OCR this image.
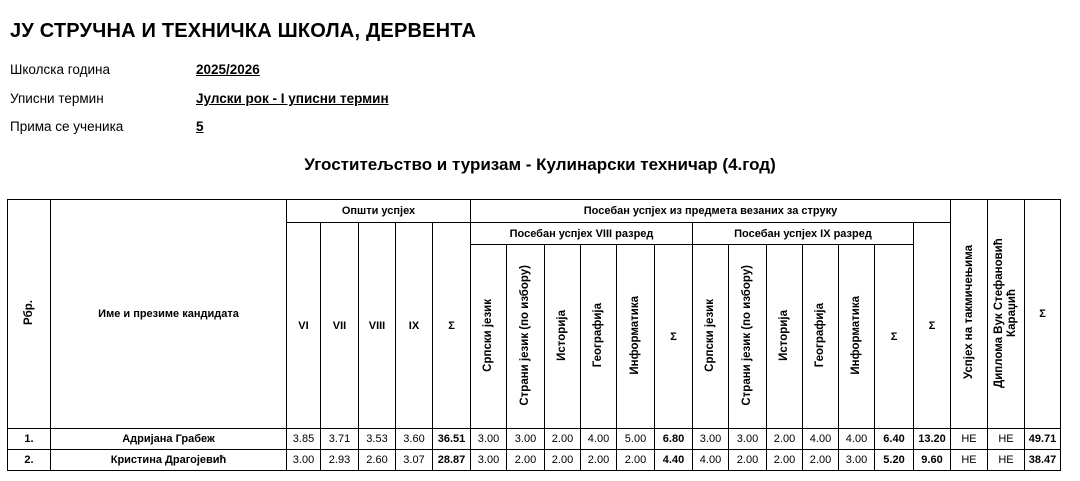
ЈУ СТРУЧНА И ТЕХНИЧКА ШКОЛА, ДЕРВЕНТА
Школска година	2025/2026
Уписни термин	Јулски рок - I уписни термин
Прима се ученика	5
Угоститељство и туризам - Кулинарски техничар (4.год)
Рбр.	Име и презиме кандидата	Општи успјех					Посебан успјех из предмета везаних за струку													Успјех на такмичењима	Диплома Вук Стефановић Караџић	Σ
		VI	VII	VIII	IX	Σ	Посебан успјех VIII разред						Посебан успјех IX разред						Σ			
							Српски језик	Страни језик (по избору)	Историја	Географија	Информатика	Σ	Српски језик	Страни језик (по избору)	Историја	Географија	Информатика	Σ				
1.	Адријана Грабеж	3.85	3.71	3.53	3.60	36.51	3.00	3.00	2.00	4.00	5.00	6.80	3.00	3.00	2.00	4.00	4.00	6.40	13.20	НЕ	НЕ	49.71
2.	Кристина Драгојевић	3.00	2.93	2.60	3.07	28.87	3.00	2.00	2.00	2.00	2.00	4.40	4.00	2.00	2.00	2.00	3.00	5.20	9.60	НЕ	НЕ	38.47
